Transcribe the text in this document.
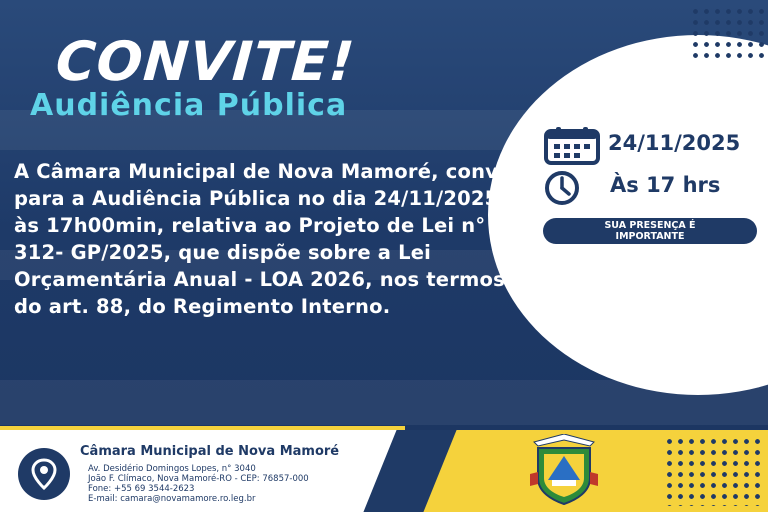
CONVITE!
Audiência Pública
A Câmara Municipal de Nova Mamoré, convida para a Audiência Pública no dia 24/11/2025, às 17h00min, relativa ao Projeto de Lei n° 312- GP/2025, que dispõe sobre a Lei Orçamentária Anual - LOA 2026, nos termos do art. 88, do Regimento Interno.
24/11/2025
Às 17 hrs
SUA PRESENÇA É
IMPORTANTE
Câmara Municipal de Nova Mamoré
Av. Desidério Domingos Lopes, n° 3040
João F. Clímaco, Nova Mamoré-RO - CEP: 76857-000
Fone: +55 69 3544-2623
E-mail: camara@novamamore.ro.leg.br
